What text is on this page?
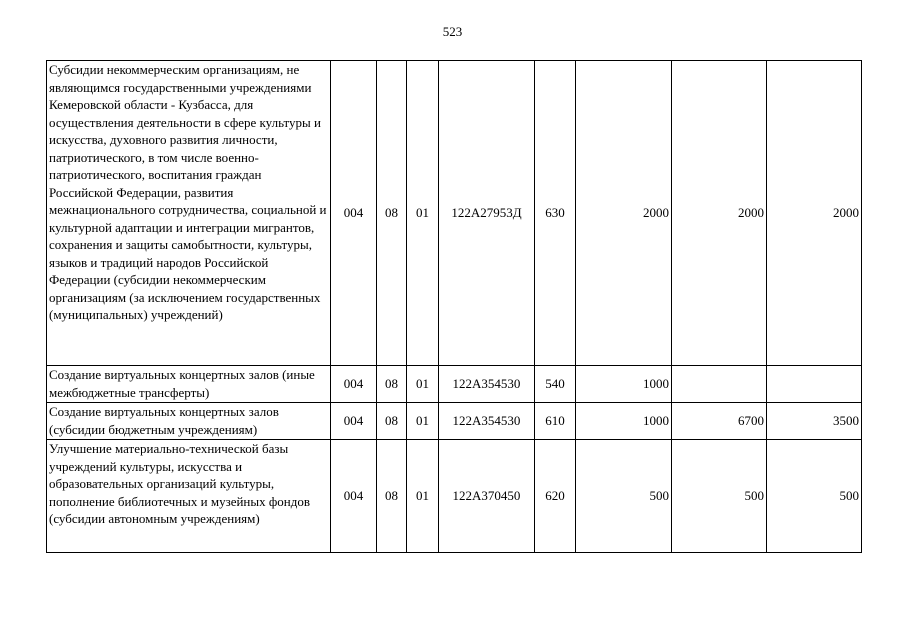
523
Субсидии некоммерческим организациям, не являющимся государственными учреждениями Кемеровской области - Кузбасса, для осуществления деятельности в сфере культуры и искусства, духовного развития личности, патриотического, в том числе военно-патриотического, воспитания граждан Российской Федерации, развития межнационального сотрудничества, социальной и культурной адаптации и интеграции мигрантов, сохранения и защиты самобытности, культуры, языков и традиций народов Российской Федерации (субсидии некоммерческим организациям (за исключением государственных (муниципальных) учреждений)	004	08	01	122А27953Д	630	2000	2000	2000
Создание виртуальных концертных залов (иные межбюджетные трансферты)	004	08	01	122А354530	540	1000		
Создание виртуальных концертных залов (субсидии бюджетным учреждениям)	004	08	01	122А354530	610	1000	6700	3500
Улучшение материально-технической базы учреждений культуры, искусства и образовательных организаций культуры, пополнение библиотечных и музейных фондов (субсидии автономным учреждениям)	004	08	01	122А370450	620	500	500	500
